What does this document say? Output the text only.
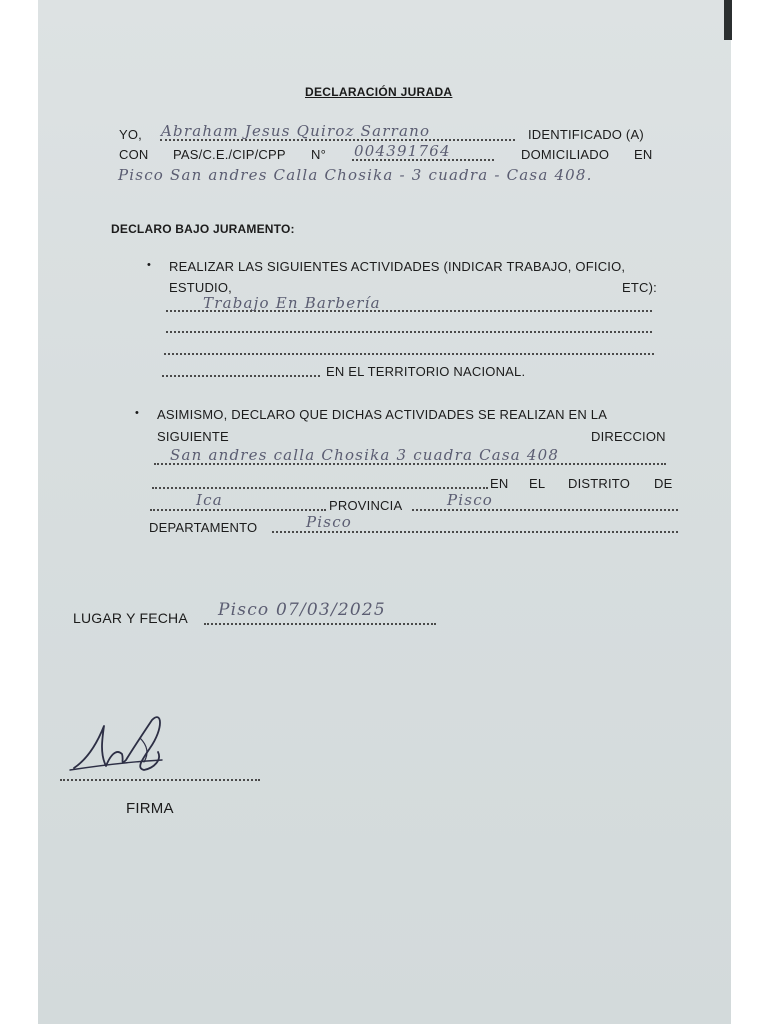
DECLARACIÓN JURADA
YO, Abraham Jesus Quiroz Sarrano	IDENTIFICADO (A)
CON PAS/C.E./CIP/CPP N° 004391764	DOMICILIADO EN
Pisco San andres Calla Chosika - 3 cuadra - Casa 408.
DECLARO BAJO JURAMENTO:
• REALIZAR LAS SIGUIENTES ACTIVIDADES (INDICAR TRABAJO, OFICIO,
ESTUDIO,	ETC):
Trabajo En Barbería
EN EL TERRITORIO NACIONAL.
• ASIMISMO, DECLARO QUE DICHAS ACTIVIDADES SE REALIZAN EN LA
SIGUIENTE	DIRECCION
San andres calla Chosika 3 cuadra Casa 408
EN EL DISTRITO DE
Ica	PROVINCIA	Pisco
DEPARTAMENTO	Pisco
LUGAR Y FECHA Pisco 07/03/2025
FIRMA
